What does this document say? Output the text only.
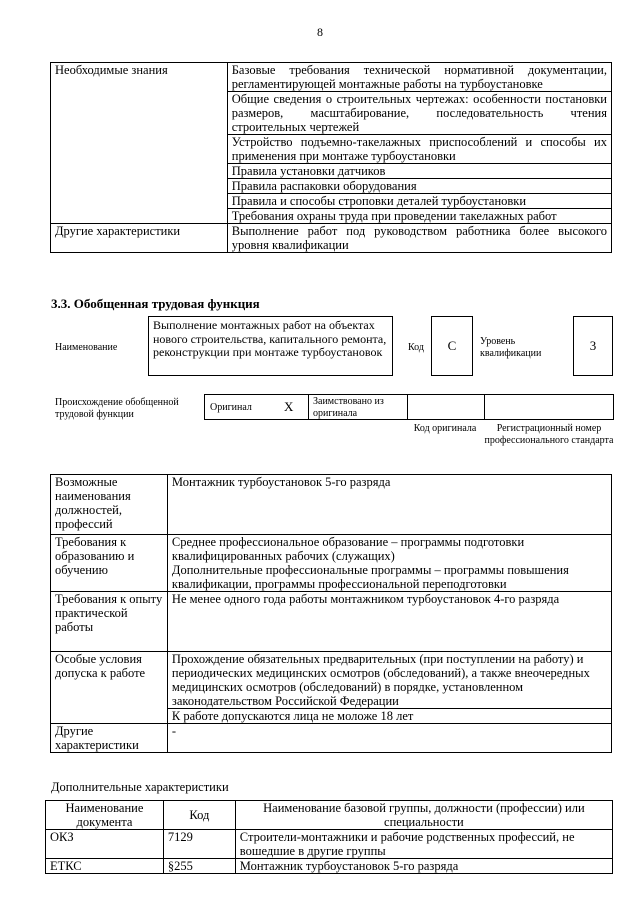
8
Необходимые знания	Базовые требования технической нормативной документации, регламентирующей монтажные работы на турбоустановке
	Общие сведения о строительных чертежах: особенности постановки размеров, масштабирование, последовательность чтения строительных чертежей
	Устройство подъемно-такелажных приспособлений и способы их применения при монтаже турбоустановки
	Правила установки датчиков
	Правила распаковки оборудования
	Правила и способы строповки деталей турбоустановки
	Требования охраны труда при проведении такелажных работ
Другие характеристики	Выполнение работ под руководством работника более высокого уровня квалификации
3.3. Обобщенная трудовая функция
Наименование
Выполнение монтажных работ на объектах нового строительства, капитального ремонта, реконструкции при монтаже турбоустановок	Код	С	Уровень квалификации	3
Происхождение обобщенной трудовой функции
Оригинал X Заимствовано из оригинала
Код оригинала	Регистрационный номер профессионального стандарта
Возможные наименования должностей, профессий	Монтажник турбоустановок 5-го разряда
Требования к образованию и обучению	Среднее профессиональное образование – программы подготовки квалифицированных рабочих (служащих)
Дополнительные профессиональные программы – программы повышения квалификации, программы профессиональной переподготовки
Требования к опыту практической работы	Не менее одного года работы монтажником турбоустановок 4-го разряда
Особые условия допуска к работе	Прохождение обязательных предварительных (при поступлении на работу) и периодических медицинских осмотров (обследований), а также внеочередных медицинских осмотров (обследований) в порядке, установленном законодательством Российской Федерации
	К работе допускаются лица не моложе 18 лет
Другие характеристики	-
Дополнительные характеристики
Наименование документа	Код	Наименование базовой группы, должности (профессии) или специальности
ОКЗ	7129	Строители-монтажники и рабочие родственных профессий, не вошедшие в другие группы
ЕТКС	§255	Монтажник турбоустановок 5-го разряда
